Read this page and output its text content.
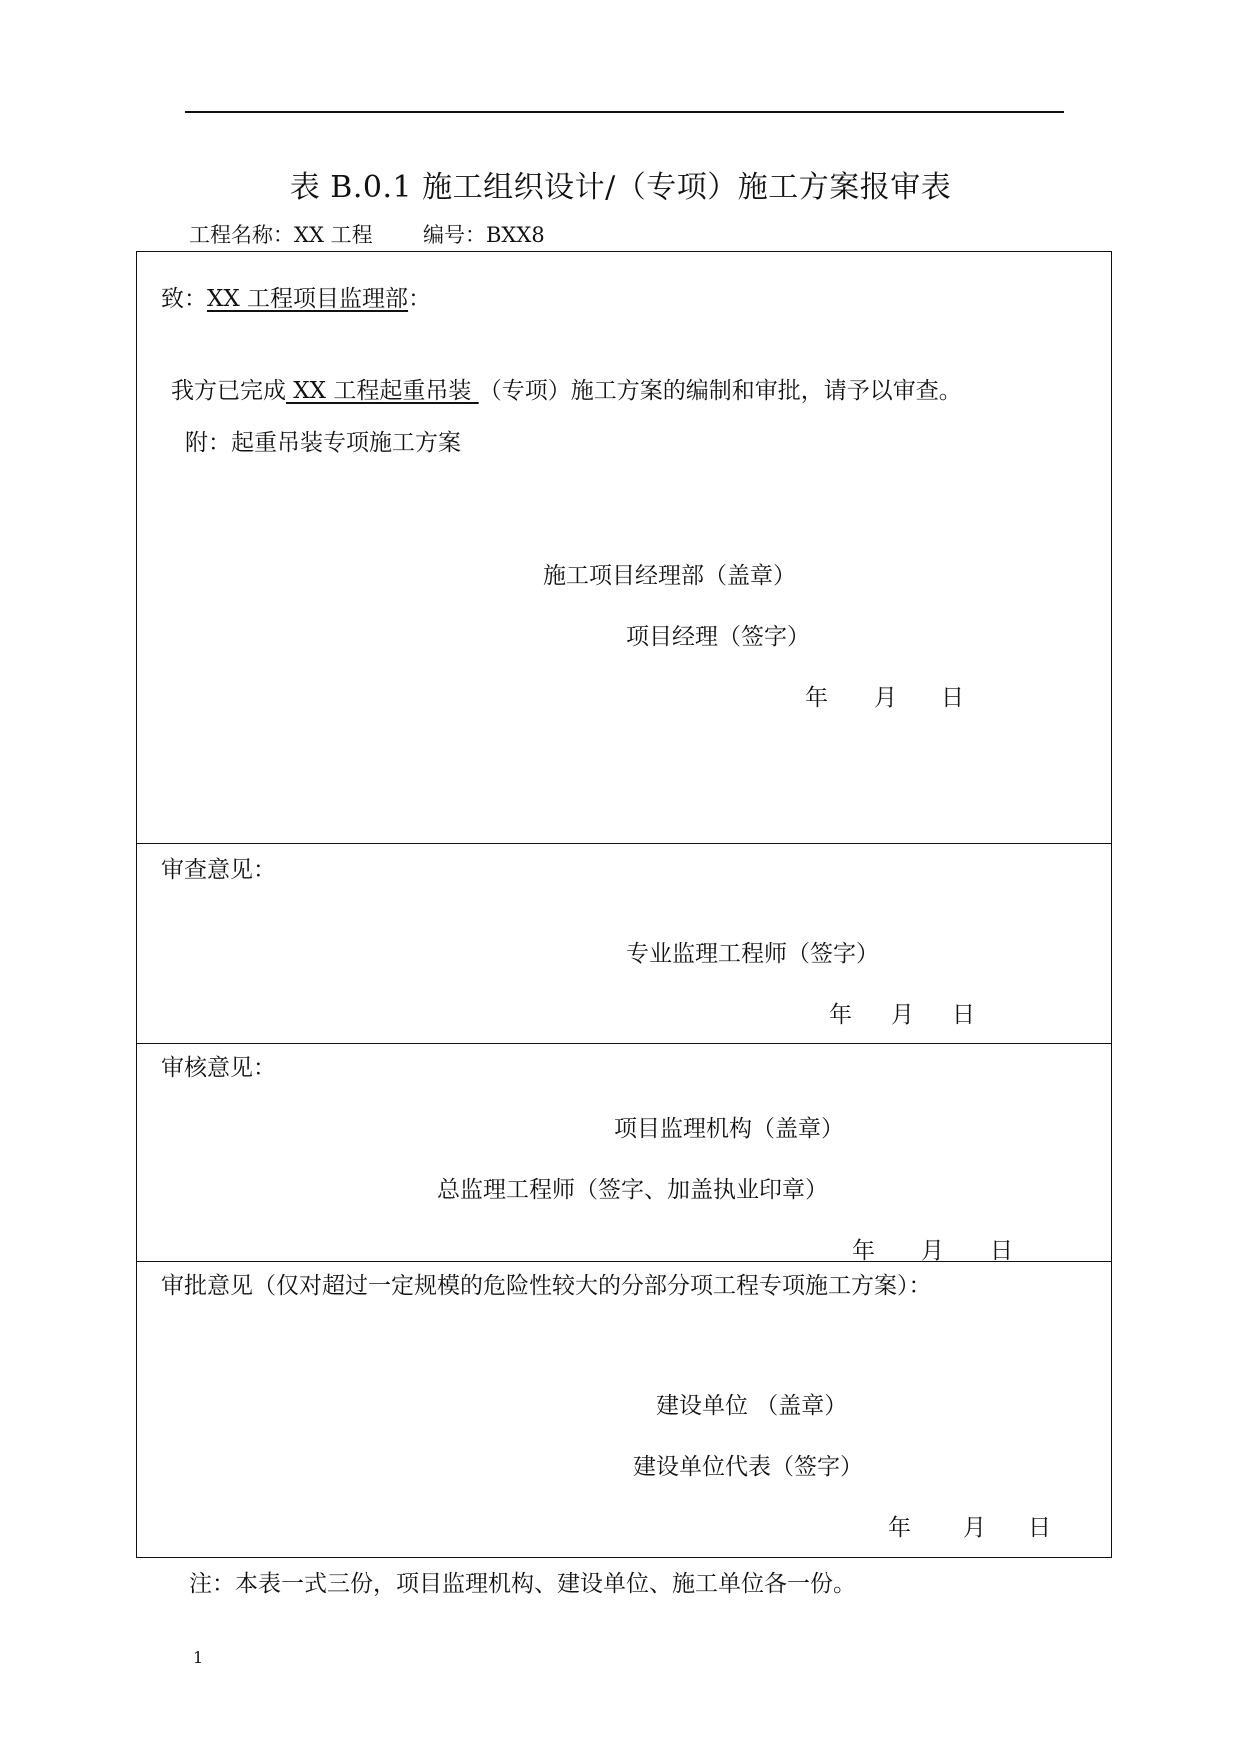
表 B.0.1 施工组织设计/（专项）施工方案报审表
工程名称：XX 工程 编号：BXX8
致：XX 工程项目监理部：
我方已完成 XX 工程起重吊装 （专项）施工方案的编制和审批，请予以审查。
附：起重吊装专项施工方案
施工项目经理部（盖章）
项目经理（签字）
年 月 日
审查意见：
专业监理工程师（签字）
年 月 日
审核意见：
项目监理机构（盖章）
总监理工程师（签字、加盖执业印章）
年 月 日
审批意见（仅对超过一定规模的危险性较大的分部分项工程专项施工方案）：
建设单位 （盖章）
建设单位代表（签字）
年 月 日
注：本表一式三份，项目监理机构、建设单位、施工单位各一份。
1
